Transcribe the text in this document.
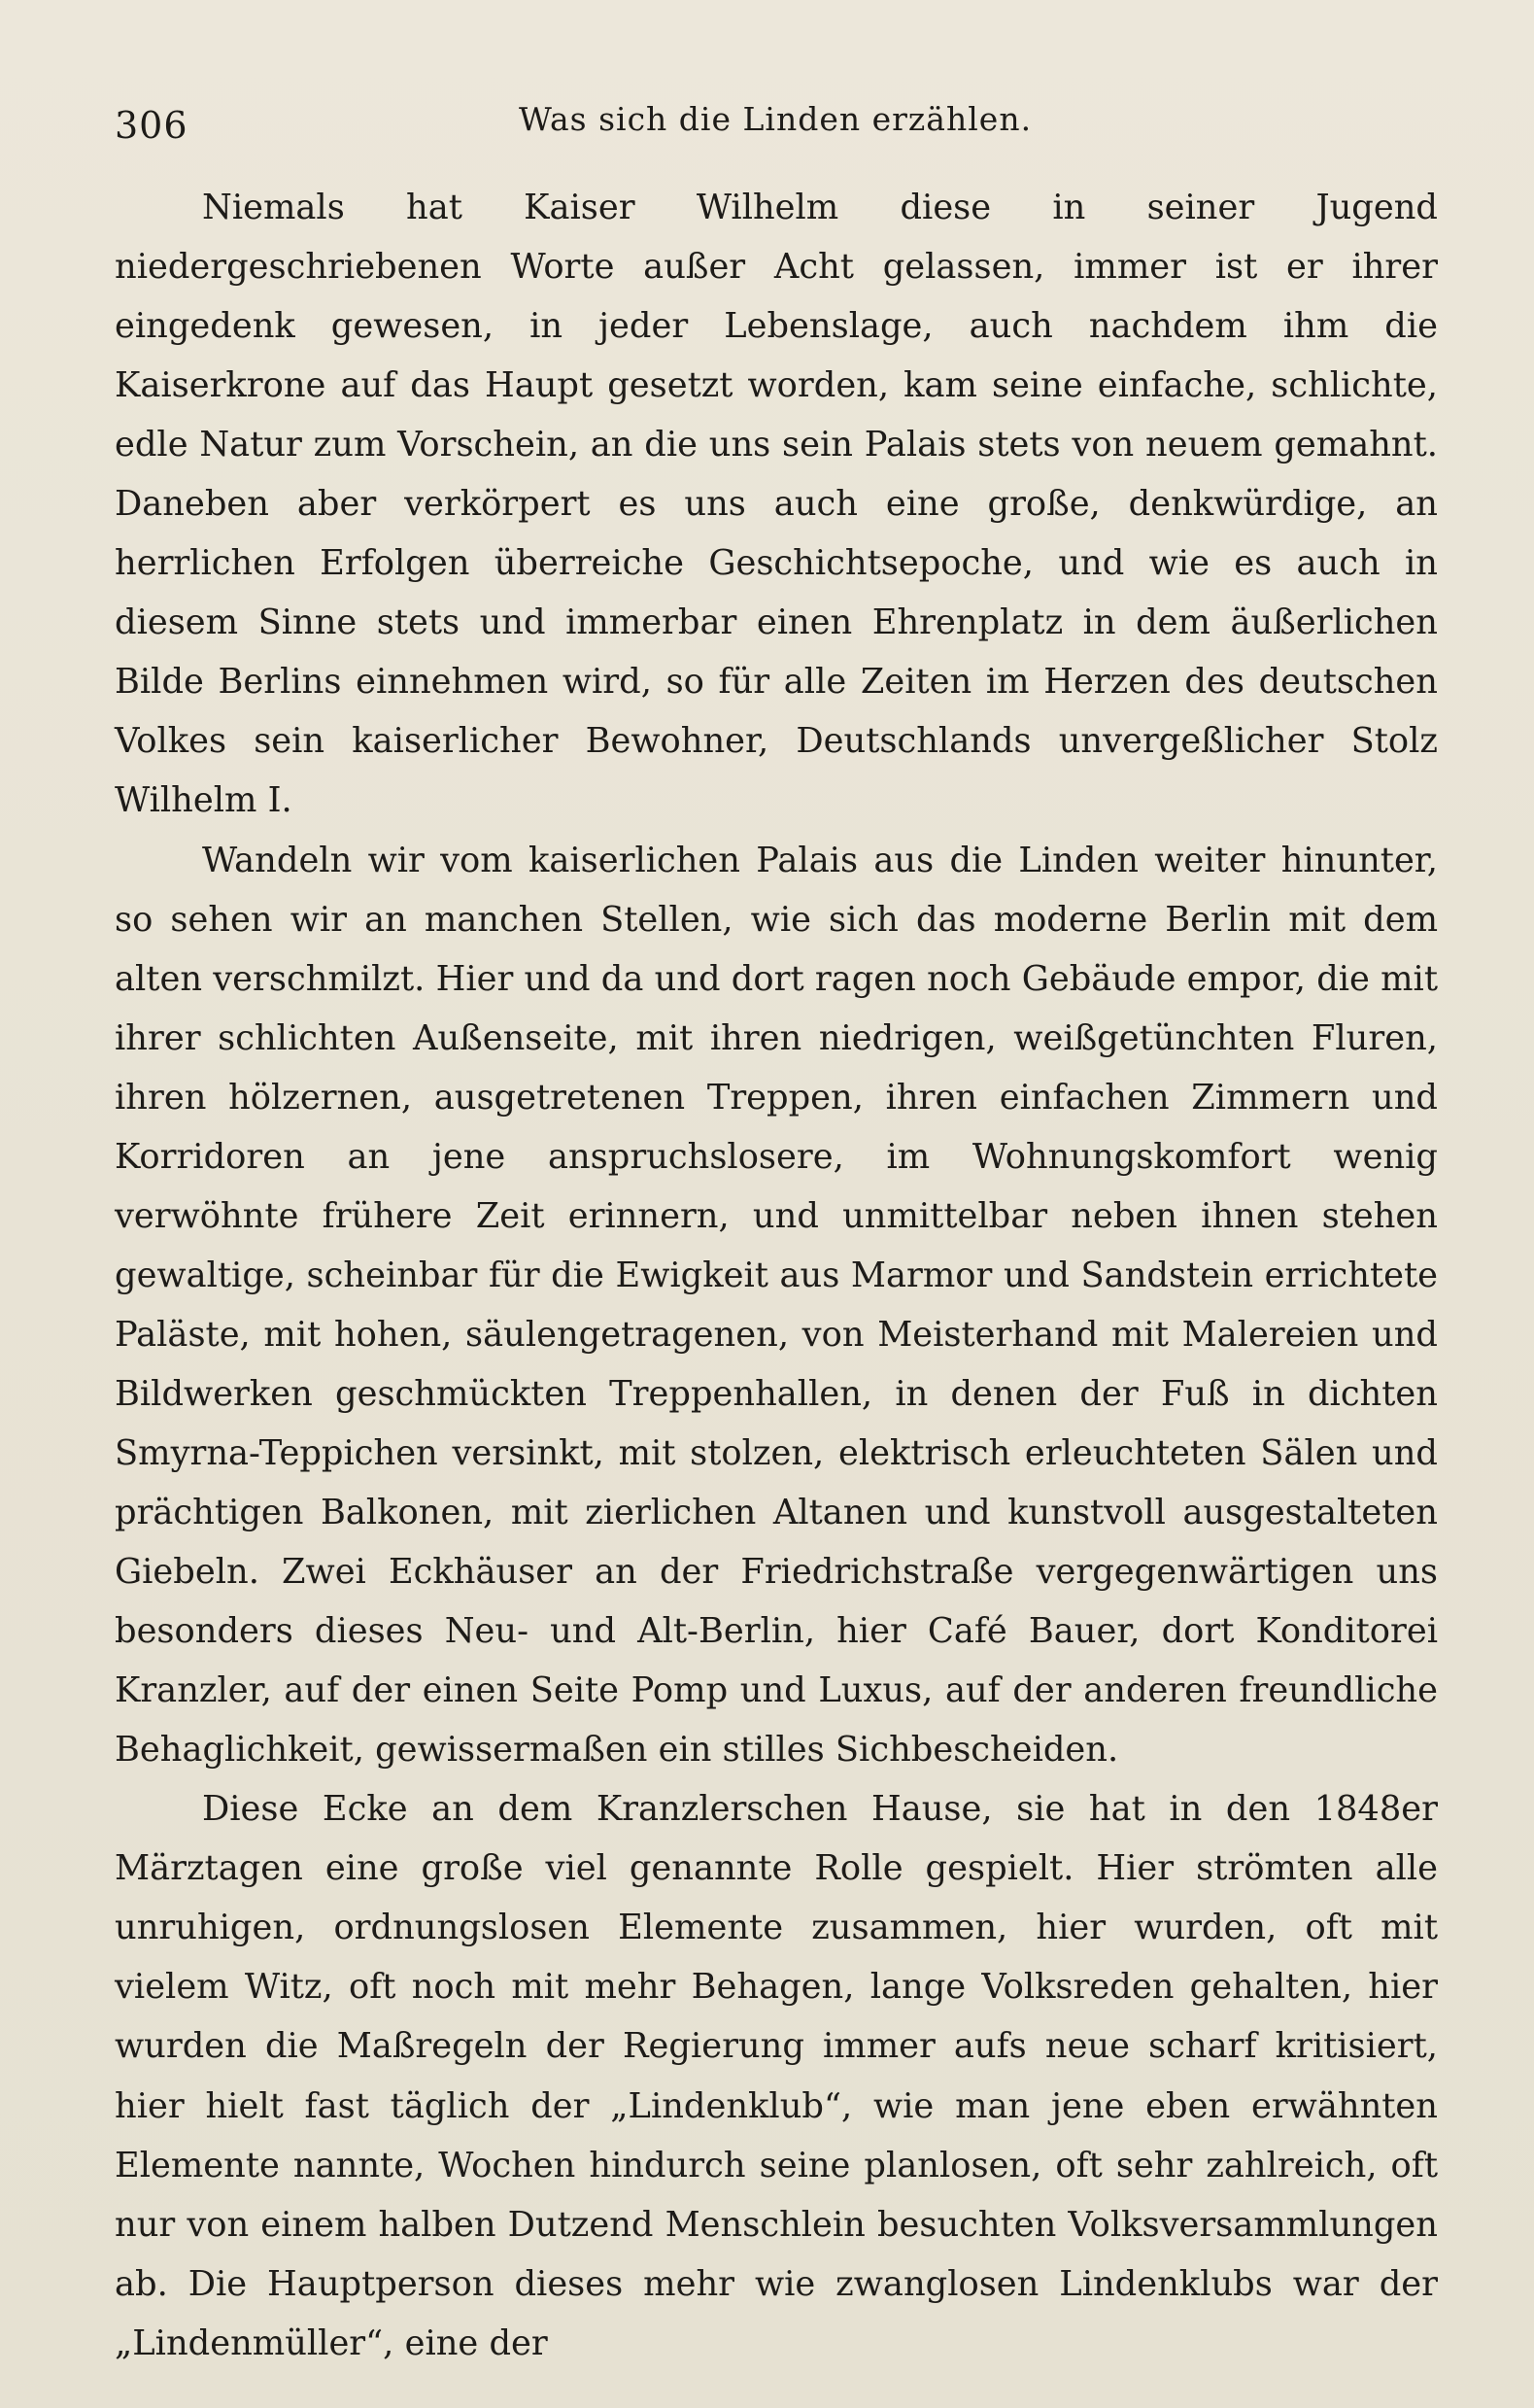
306	Was sich die Linden erzählen.

Niemals hat Kaiser Wilhelm diese in seiner Jugend niedergeschriebenen Worte außer Acht gelassen, immer ist er ihrer eingedenk gewesen, in jeder Lebenslage, auch nachdem ihm die Kaiserkrone auf das Haupt gesetzt worden, kam seine einfache, schlichte, edle Natur zum Vorschein, an die uns sein Palais stets von neuem gemahnt. Daneben aber verkörpert es uns auch eine große, denkwürdige, an herrlichen Erfolgen überreiche Geschichtsepoche, und wie es auch in diesem Sinne stets und immerbar einen Ehrenplatz in dem äußerlichen Bilde Berlins einnehmen wird, so für alle Zeiten im Herzen des deutschen Volkes sein kaiserlicher Bewohner, Deutschlands unvergeßlicher Stolz Wilhelm I.

Wandeln wir vom kaiserlichen Palais aus die Linden weiter hinunter, so sehen wir an manchen Stellen, wie sich das moderne Berlin mit dem alten verschmilzt. Hier und da und dort ragen noch Gebäude empor, die mit ihrer schlichten Außenseite, mit ihren niedrigen, weißgetünchten Fluren, ihren hölzernen, ausgetretenen Treppen, ihren einfachen Zimmern und Korridoren an jene anspruchslosere, im Wohnungskomfort wenig verwöhnte frühere Zeit erinnern, und unmittelbar neben ihnen stehen gewaltige, scheinbar für die Ewigkeit aus Marmor und Sandstein errichtete Paläste, mit hohen, säulengetragenen, von Meisterhand mit Malereien und Bildwerken geschmückten Treppenhallen, in denen der Fuß in dichten Smyrna-Teppichen versinkt, mit stolzen, elektrisch erleuchteten Sälen und prächtigen Balkonen, mit zierlichen Altanen und kunstvoll ausgestalteten Giebeln. Zwei Eckhäuser an der Friedrichstraße vergegenwärtigen uns besonders dieses Neu- und Alt-Berlin, hier Café Bauer, dort Konditorei Kranzler, auf der einen Seite Pomp und Luxus, auf der anderen freundliche Behaglichkeit, gewissermaßen ein stilles Sichbescheiden.

Diese Ecke an dem Kranzlerschen Hause, sie hat in den 1848er Märztagen eine große viel genannte Rolle gespielt. Hier strömten alle unruhigen, ordnungslosen Elemente zusammen, hier wurden, oft mit vielem Witz, oft noch mit mehr Behagen, lange Volksreden gehalten, hier wurden die Maßregeln der Regierung immer aufs neue scharf kritisiert, hier hielt fast täglich der „Lindenklub“, wie man jene eben erwähnten Elemente nannte, Wochen hindurch seine planlosen, oft sehr zahlreich, oft nur von einem halben Dutzend Menschlein besuchten Volksversammlungen ab. Die Hauptperson dieses mehr wie zwanglosen Lindenklubs war der „Lindenmüller“, eine der
